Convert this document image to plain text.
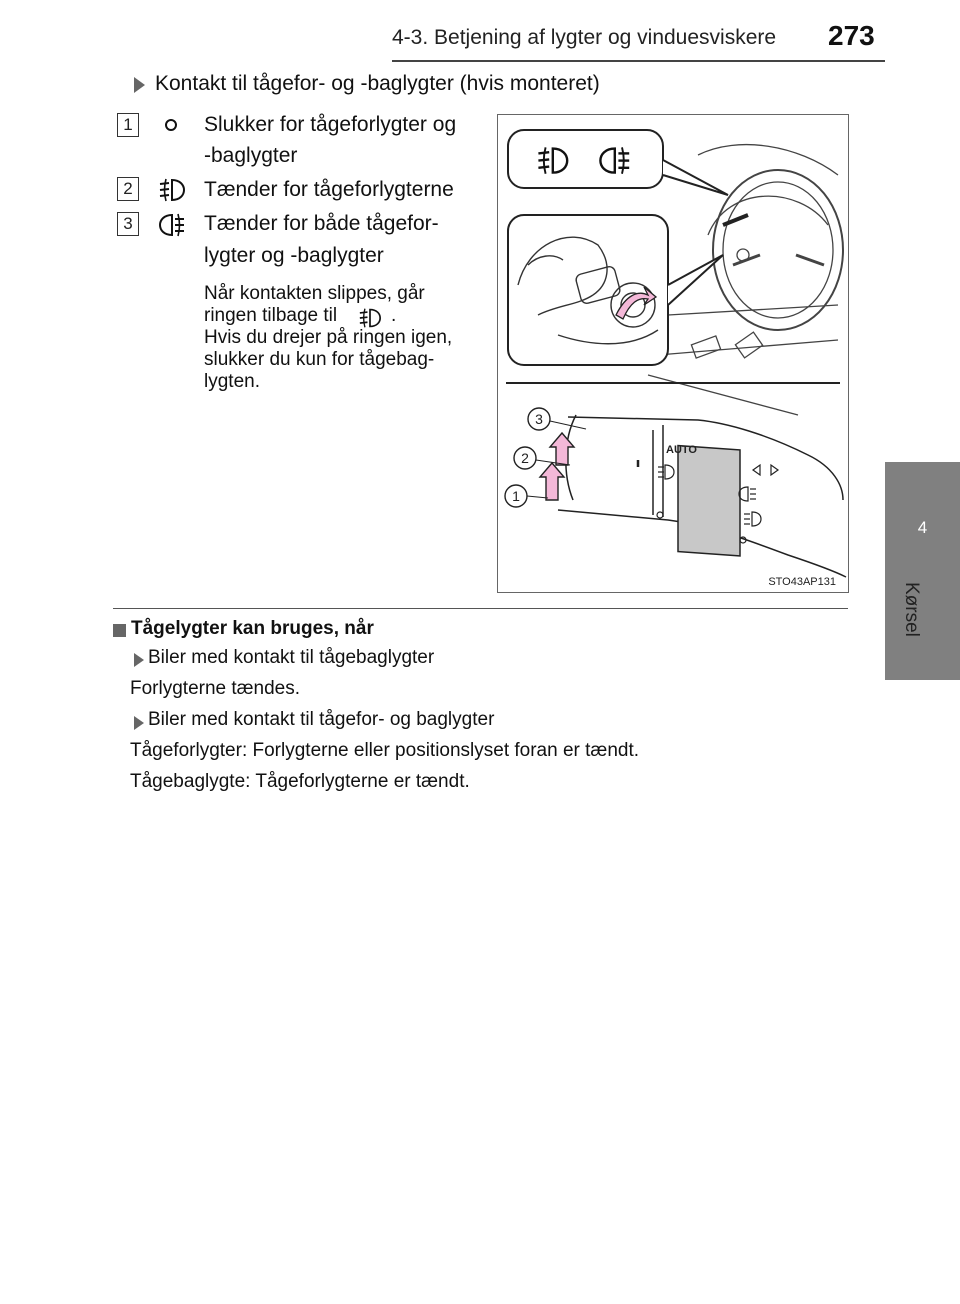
4-3. Betjening af lygter og vinduesviskere 273
4
Kørsel
Kontakt til tågefor- og -baglygter (hvis monteret)
1	Slukker for tågeforlygter og
-baglygter
2	Tænder for tågeforlygterne
3	Tænder for både tågefor-
lygter og -baglygter
Når kontakten slippes, går
ringen tilbage til	.
Hvis du drejer på ringen igen,
slukker du kun for tågebag-
lygten.
AUTO
3
2
1
STO43AP131
Tågelygter kan bruges, når
Biler med kontakt til tågebaglygter
Forlygterne tændes.
Biler med kontakt til tågefor- og baglygter
Tågeforlygter: Forlygterne eller positionslyset foran er tændt.
Tågebaglygte: Tågeforlygterne er tændt.
